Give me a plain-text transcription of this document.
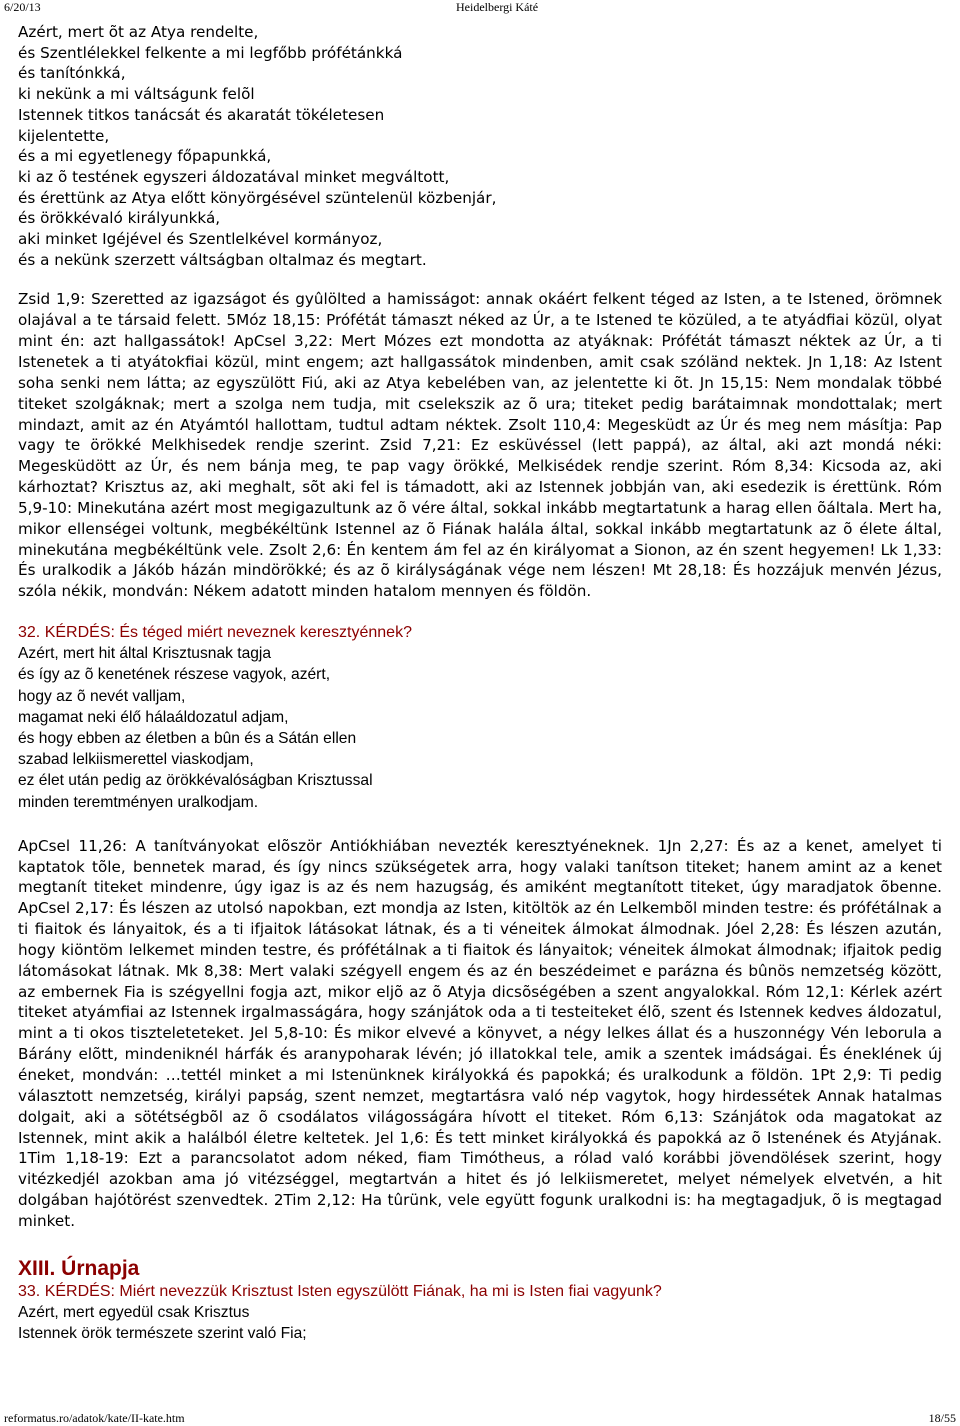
6/20/13	Heidelbergi Káté
Azért, mert õt az Atya rendelte,
és Szentlélekkel felkente a mi legfőbb prófétánkká
és tanítónkká,
ki nekünk a mi váltságunk felõl
Istennek titkos tanácsát és akaratát tökéletesen
kijelentette,
és a mi egyetlenegy főpapunkká,
ki az õ testének egyszeri áldozatával minket megváltott,
és érettünk az Atya előtt könyörgésével szüntelenül közbenjár,
és örökkévaló királyunkká,
aki minket Igéjével és Szentlelkével kormányoz,
és a nekünk szerzett váltságban oltalmaz és megtart.

Zsid 1,9: Szeretted az igazságot és gyûlölted a hamisságot: annak okáért felkent téged az Isten, a te Istened, örömnek olajával a te társaid felett. 5Móz 18,15: Prófétát támaszt néked az Úr, a te Istened te közüled, a te atyádfiai közül, olyat mint én: azt hallgassátok! ApCsel 3,22: Mert Mózes ezt mondotta az atyáknak: Prófétát támaszt néktek az Úr, a ti Istenetek a ti atyátokfiai közül, mint engem; azt hallgassátok mindenben, amit csak szóländ nektek. Jn 1,18: Az Istent soha senki nem látta; az egyszülött Fiú, aki az Atya kebelében van, az jelentette ki õt. Jn 15,15: Nem mondalak többé titeket szolgáknak; mert a szolga nem tudja, mit cselekszik az õ ura; titeket pedig barátaimnak mondottalak; mert mindazt, amit az én Atyámtól hallottam, tudtul adtam néktek. Zsolt 110,4: Megesküdt az Úr és meg nem másítja: Pap vagy te örökké Melkhisedek rendje szerint. Zsid 7,21: Ez esküvéssel (lett pappá), az által, aki azt mondá néki: Megesküdött az Úr, és nem bánja meg, te pap vagy örökké, Melkisédek rendje szerint. Róm 8,34: Kicsoda az, aki kárhoztat? Krisztus az, aki meghalt, sõt aki fel is támadott, aki az Istennek jobbján van, aki esedezik is érettünk. Róm 5,9-10: Minekutána azért most megigazultunk az õ vére által, sokkal inkább megtartatunk a harag ellen õáltala. Mert ha, mikor ellenségei voltunk, megbékéltünk Istennel az õ Fiának halála által, sokkal inkább megtartatunk az õ élete által, minekutána megbékéltünk vele. Zsolt 2,6: Én kentem ám fel az én királyomat a Sionon, az én szent hegyemen! Lk 1,33: És uralkodik a Jákób házán mindörökké; és az õ királyságának vége nem lészen! Mt 28,18: És hozzájuk menvén Jézus, szóla nékik, mondván: Nékem adatott minden hatalom mennyen és földön.

32. KÉRDÉS: És téged miért neveznek keresztyénnek?
Azért, mert hit által Krisztusnak tagja
és így az õ kenetének részese vagyok, azért,
hogy az õ nevét valljam,
magamat neki élő hálaáldozatul adjam,
és hogy ebben az életben a bûn és a Sátán ellen
szabad lelkiismerettel viaskodjam,
ez élet után pedig az örökkévalóságban Krisztussal
minden teremtményen uralkodjam.

ApCsel 11,26: A tanítványokat elõször Antiókhiában nevezték keresztyéneknek. 1Jn 2,27: És az a kenet, amelyet ti kaptatok tõle, bennetek marad, és így nincs szükségetek arra, hogy valaki tanítson titeket; hanem amint az a kenet megtanít titeket mindenre, úgy igaz is az és nem hazugság, és amiként megtanított titeket, úgy maradjatok õbenne. ApCsel 2,17: És lészen az utolsó napokban, ezt mondja az Isten, kitöltök az én Lelkembõl minden testre: és prófétálnak a ti fiaitok és lányaitok, és a ti ifjaitok látásokat látnak, és a ti véneitek álmokat álmodnak. Jóel 2,28: És lészen azután, hogy kiöntöm lelkemet minden testre, és prófétálnak a ti fiaitok és lányaitok; véneitek álmokat álmodnak; ifjaitok pedig látomásokat látnak. Mk 8,38: Mert valaki szégyell engem és az én beszédeimet e parázna és bûnös nemzetség között, az embernek Fia is szégyellni fogja azt, mikor eljõ az õ Atyja dicsõségében a szent angyalokkal. Róm 12,1: Kérlek azért titeket atyámfiai az Istennek irgalmasságára, hogy szánjátok oda a ti testeiteket élõ, szent és Istennek kedves áldozatul, mint a ti okos tiszteleteteket. Jel 5,8-10: És mikor elvevé a könyvet, a négy lelkes állat és a huszonnégy Vén leborula a Bárány elõtt, mindeniknél hárfák és aranypoharak lévén; jó illatokkal tele, amik a szentek imádságai. És éneklének új éneket, mondván: …tettél minket a mi Istenünknek királyokká és papokká; és uralkodunk a földön. 1Pt 2,9: Ti pedig választott nemzetség, királyi papság, szent nemzet, megtartásra való nép vagytok, hogy hirdessétek Annak hatalmas dolgait, aki a sötétségbõl az õ csodálatos világosságára hívott el titeket. Róm 6,13: Szánjátok oda magatokat az Istennek, mint akik a halálból életre keltetek. Jel 1,6: És tett minket királyokká és papokká az õ Istenének és Atyjának. 1Tim 1,18-19: Ezt a parancsolatot adom néked, fiam Timótheus, a rólad való korábbi jövendölések szerint, hogy vitézkedjél azokban ama jó vitézséggel, megtartván a hitet és jó lelkiismeretet, melyet némelyek elvetvén, a hit dolgában hajótörést szenvedtek. 2Tim 2,12: Ha tûrünk, vele együtt fogunk uralkodni is: ha megtagadjuk, õ is megtagad minket.

XIII. Úrnapja
33. KÉRDÉS: Miért nevezzük Krisztust Isten egyszülött Fiának, ha mi is Isten fiai vagyunk?
Azért, mert egyedül csak Krisztus
Istennek örök természete szerint való Fia;
reformatus.ro/adatok/kate/II-kate.htm	18/55
